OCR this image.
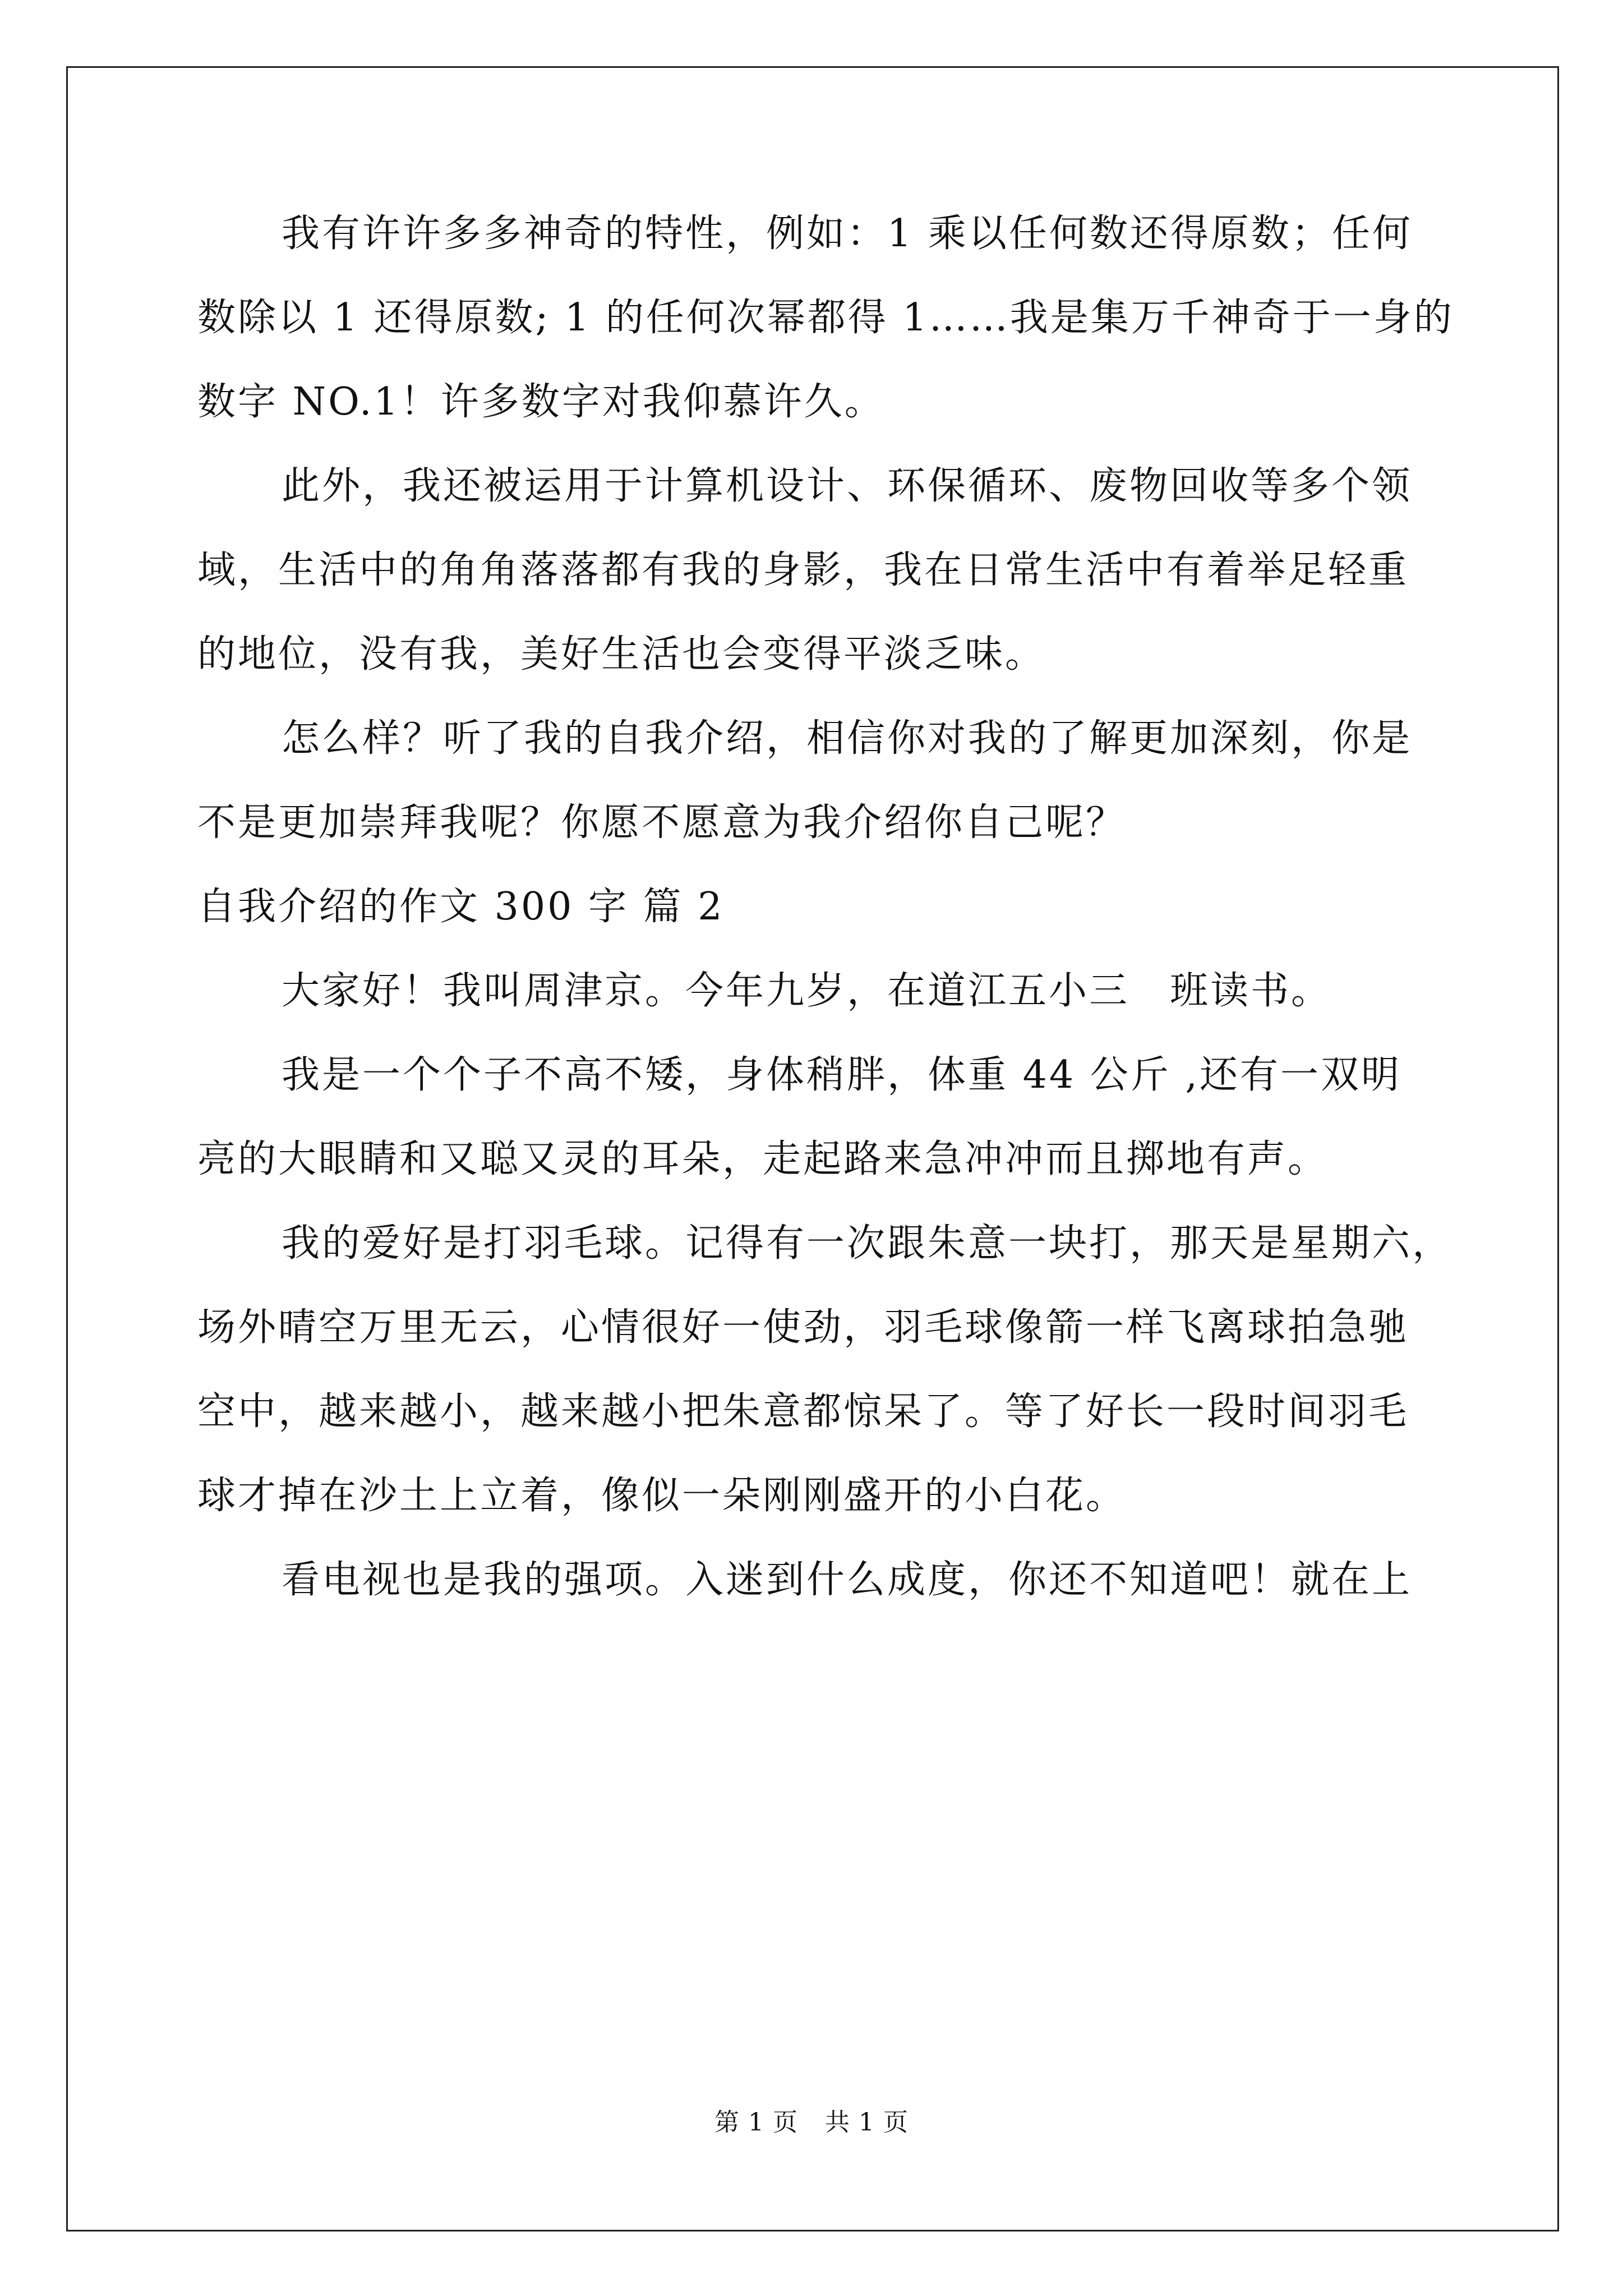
我有许许多多神奇的特性，例如：1 乘以任何数还得原数；任何
数除以 1 还得原数; 1 的任何次幂都得 1……我是集万千神奇于一身的
数字 NO.1！许多数字对我仰慕许久。
此外，我还被运用于计算机设计、环保循环、废物回收等多个领
域，生活中的角角落落都有我的身影，我在日常生活中有着举足轻重
的地位，没有我，美好生活也会变得平淡乏味。
怎么样？听了我的自我介绍，相信你对我的了解更加深刻，你是
不是更加崇拜我呢？你愿不愿意为我介绍你自己呢？
自我介绍的作文 300 字 篇 2
大家好！我叫周津京。今年九岁，在道江五小三　班读书。
我是一个个子不高不矮，身体稍胖，体重 44 公斤 ,还有一双明
亮的大眼睛和又聪又灵的耳朵，走起路来急冲冲而且掷地有声。
我的爱好是打羽毛球。记得有一次跟朱意一块打，那天是星期六，
场外晴空万里无云，心情很好一使劲，羽毛球像箭一样飞离球拍急驰
空中，越来越小，越来越小把朱意都惊呆了。等了好长一段时间羽毛
球才掉在沙土上立着，像似一朵刚刚盛开的小白花。
看电视也是我的强项。入迷到什么成度，你还不知道吧！就在上
第 1 页 共 1 页
